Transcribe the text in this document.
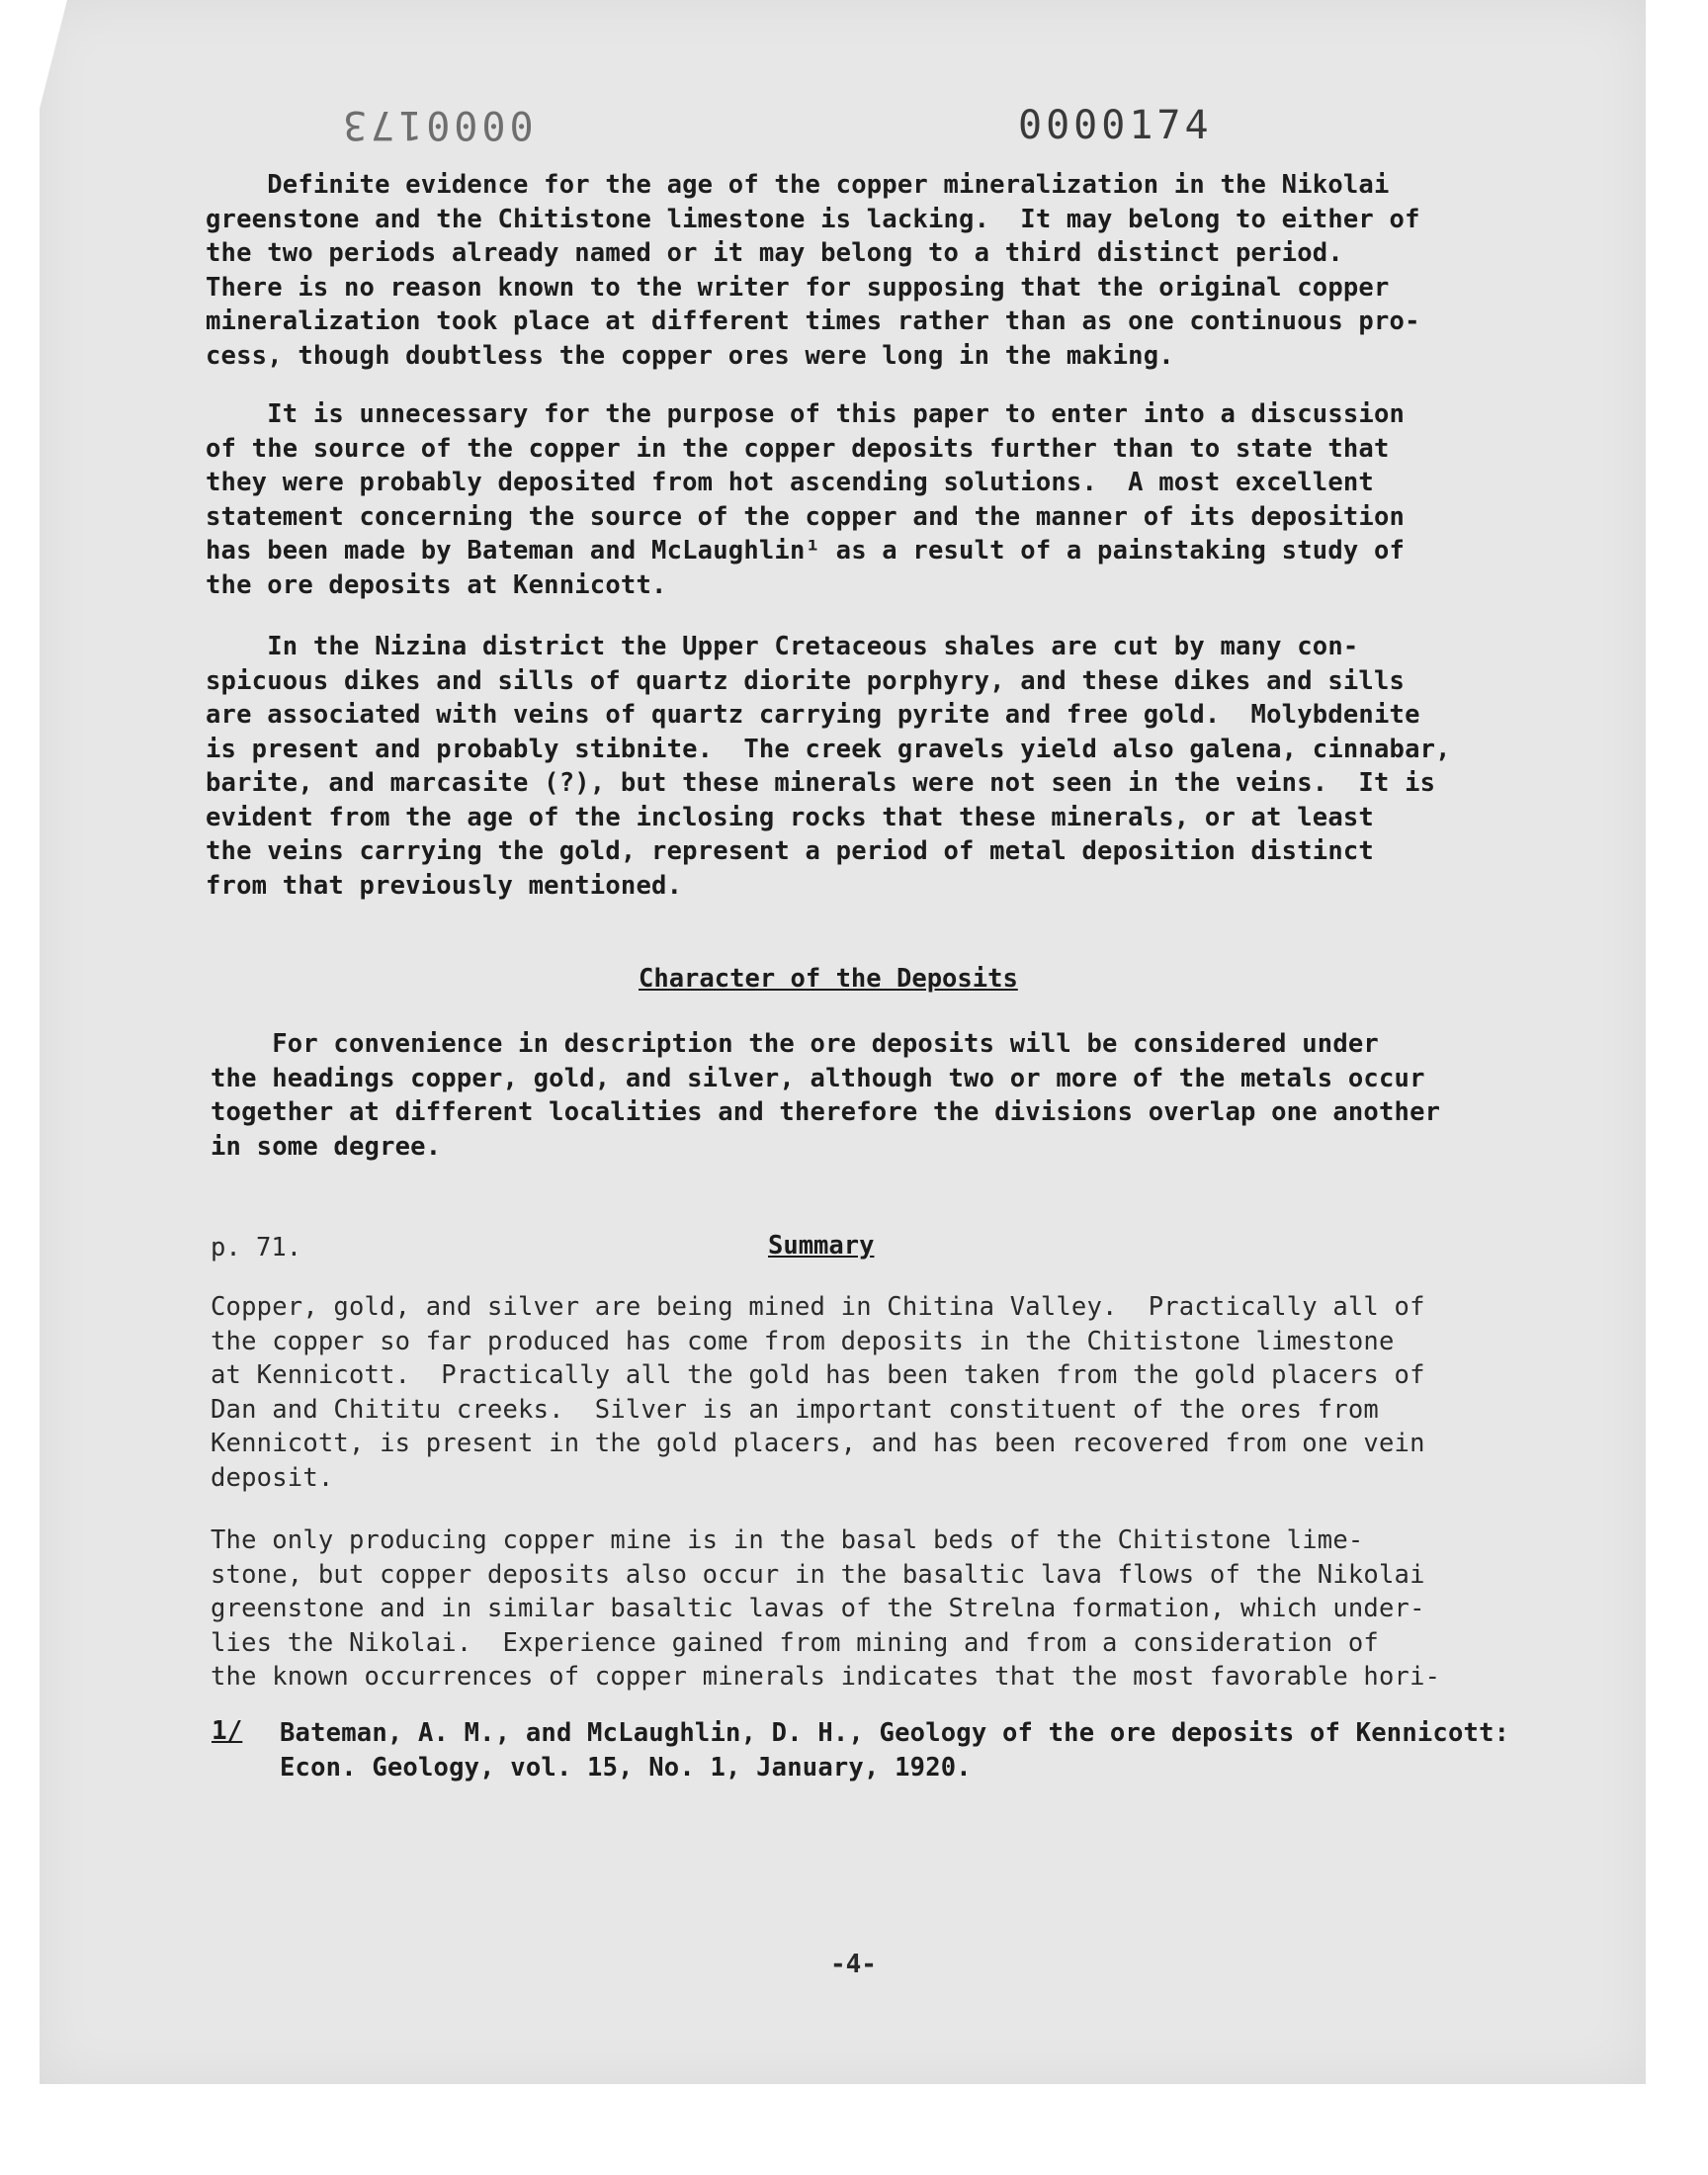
0000173	0000174
Definite evidence for the age of the copper mineralization in the Nikolai
greenstone and the Chitistone limestone is lacking.  It may belong to either of
the two periods already named or it may belong to a third distinct period.
There is no reason known to the writer for supposing that the original copper
mineralization took place at different times rather than as one continuous pro-
cess, though doubtless the copper ores were long in the making.
It is unnecessary for the purpose of this paper to enter into a discussion
of the source of the copper in the copper deposits further than to state that
they were probably deposited from hot ascending solutions.  A most excellent
statement concerning the source of the copper and the manner of its deposition
has been made by Bateman and McLaughlin¹ as a result of a painstaking study of
the ore deposits at Kennicott.
In the Nizina district the Upper Cretaceous shales are cut by many con-
spicuous dikes and sills of quartz diorite porphyry, and these dikes and sills
are associated with veins of quartz carrying pyrite and free gold.  Molybdenite
is present and probably stibnite.  The creek gravels yield also galena, cinnabar,
barite, and marcasite (?), but these minerals were not seen in the veins.  It is
evident from the age of the inclosing rocks that these minerals, or at least
the veins carrying the gold, represent a period of metal deposition distinct
from that previously mentioned.
Character of the Deposits
For convenience in description the ore deposits will be considered under
the headings copper, gold, and silver, although two or more of the metals occur
together at different localities and therefore the divisions overlap one another
in some degree.
p. 71.	Summary
Copper, gold, and silver are being mined in Chitina Valley.  Practically all of
the copper so far produced has come from deposits in the Chitistone limestone
at Kennicott.  Practically all the gold has been taken from the gold placers of
Dan and Chititu creeks.  Silver is an important constituent of the ores from
Kennicott, is present in the gold placers, and has been recovered from one vein
deposit.
The only producing copper mine is in the basal beds of the Chitistone lime-
stone, but copper deposits also occur in the basaltic lava flows of the Nikolai
greenstone and in similar basaltic lavas of the Strelna formation, which under-
lies the Nikolai.  Experience gained from mining and from a consideration of
the known occurrences of copper minerals indicates that the most favorable hori-
1/ Bateman, A. M., and McLaughlin, D. H., Geology of the ore deposits of Kennicott:
Econ. Geology, vol. 15, No. 1, January, 1920.
-4-
